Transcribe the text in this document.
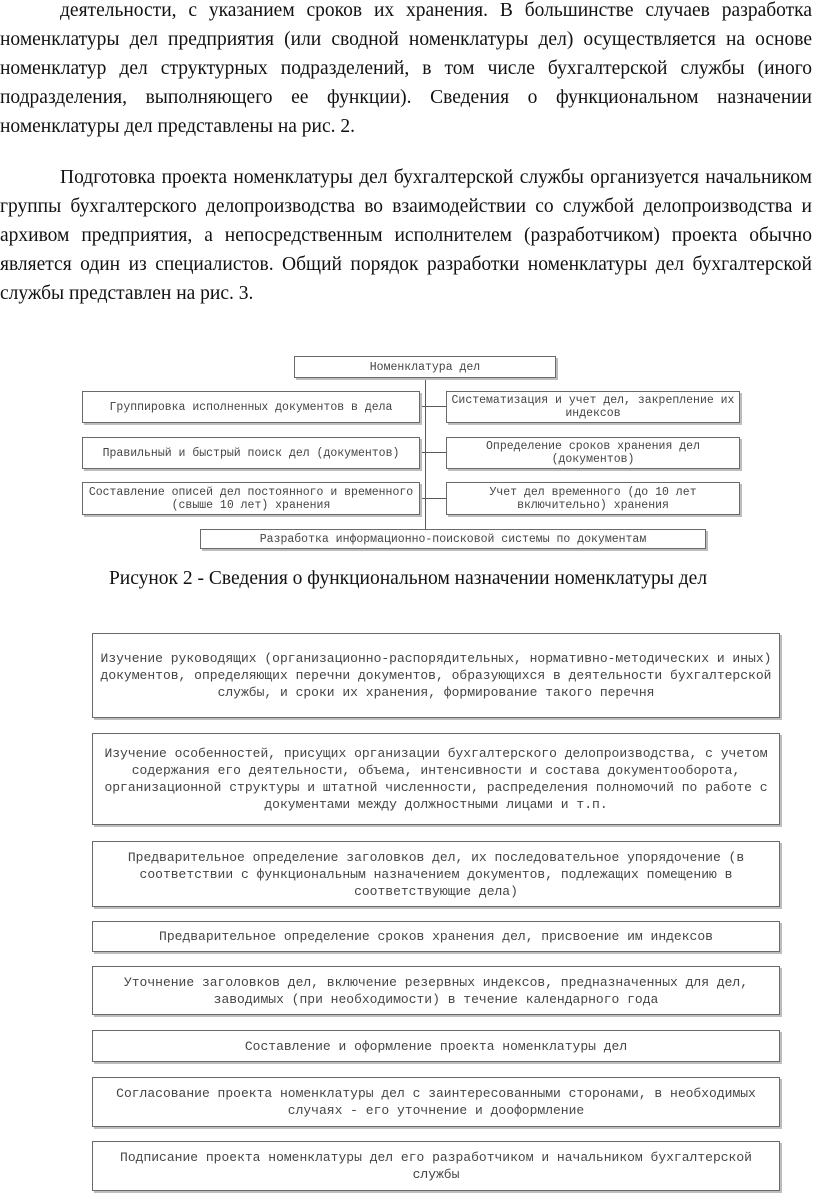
деятельности, с указанием сроков их хранения. В большинстве случаев разработка номенклатуры дел предприятия (или сводной номенклатуры дел) осуществляется на основе номенклатур дел структурных подразделений, в том числе бухгалтерской службы (иного подразделения, выполняющего ее функции). Сведения о функциональном назначении номенклатуры дел представлены на рис. 2.

Подготовка проекта номенклатуры дел бухгалтерской службы организуется начальником группы бухгалтерского делопроизводства во взаимодействии со службой делопроизводства и архивом предприятия, а непосредственным исполнителем (разработчиком) проекта обычно является один из специалистов. Общий порядок разработки номенклатуры дел бухгалтерской службы представлен на рис. 3.

Номенклатура дел
Группировка исполненных документов в дела
Правильный и быстрый поиск дел (документов)
Составление описей дел постоянного и временного (свыше 10 лет) хранения
Систематизация и учет дел, закрепление их индексов
Определение сроков хранения дел (документов)
Учет дел временного (до 10 лет включительно) хранения
Разработка информационно-поисковой системы по документам
Рисунок 2 - Сведения о функциональном назначении номенклатуры дел
Изучение руководящих (организационно-распорядительных, нормативно-методических и иных) документов, определяющих перечни документов, образующихся в деятельности бухгалтерской службы, и сроки их хранения, формирование такого перечня
Изучение особенностей, присущих организации бухгалтерского делопроизводства, с учетом содержания его деятельности, объема, интенсивности и состава документооборота, организационной структуры и штатной численности, распределения полномочий по работе с документами между должностными лицами и т.п.
Предварительное определение заголовков дел, их последовательное упорядочение (в соответствии с функциональным назначением документов, подлежащих помещению в соответствующие дела)
Предварительное определение сроков хранения дел, присвоение им индексов
Уточнение заголовков дел, включение резервных индексов, предназначенных для дел, заводимых (при необходимости) в течение календарного года
Составление и оформление проекта номенклатуры дел
Согласование проекта номенклатуры дел с заинтересованными сторонами, в необходимых случаях - его уточнение и дооформление
Подписание проекта номенклатуры дел его разработчиком и начальником бухгалтерской службы
